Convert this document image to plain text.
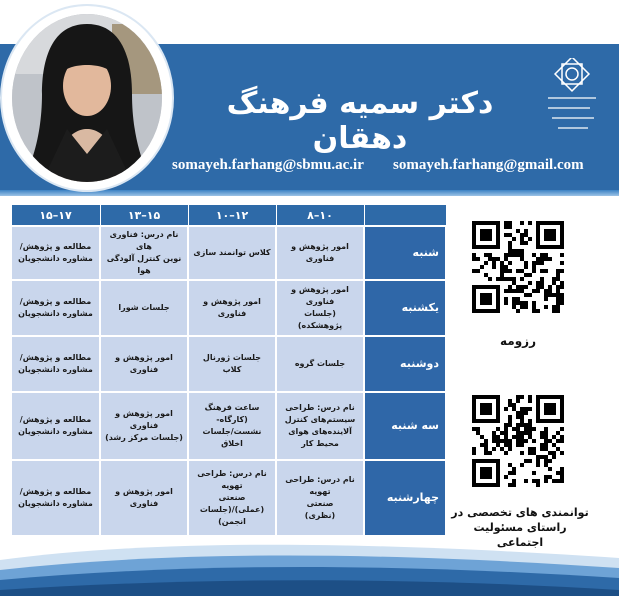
دکتر سمیه فرهنگ دهقان
somayeh.farhang@sbmu.ac.ir somayeh.farhang@gmail.com
	۱۰–۸	۱۲–۱۰	۱۵–۱۳	۱۷–۱۵
شنبه	امور پژوهش و فناوری	کلاس توانمند سازی	نام درس: فناوری های
نوین کنترل آلودگی هوا	مطالعه و پژوهش/
مشاوره دانشجویان

یکشنبه	امور پژوهش و فناوری
(جلسات پژوهشکده)	امور پژوهش و فناوری	جلسات شورا	مطالعه و پژوهش/
مشاوره دانشجویان

دوشنبه	جلسات گروه	جلسات ژورنال کلاب	امور پژوهش و فناوری	مطالعه و پژوهش/
مشاوره دانشجویان

سه شنبه	نام درس: طراحی
سیستم‌های کنترل
آلاینده‌های هوای
محیط کار	ساعت فرهنگ (کارگاه-
نشست/جلسات اخلاق	امور پژوهش و فناوری
(جلسات مرکز رشد)	مطالعه و پژوهش/
مشاوره دانشجویان

چهارشنبه	نام درس: طراحی تهویه
صنعتی
(نظری)	نام درس: طراحی تهویه
صنعتی
(عملی)/(جلسات
انجمن)	امور پژوهش و فناوری	مطالعه و پژوهش/
مشاوره دانشجویان
رزومه
توانمندی های تخصصی در
راستای مسئولیت اجتماعی
